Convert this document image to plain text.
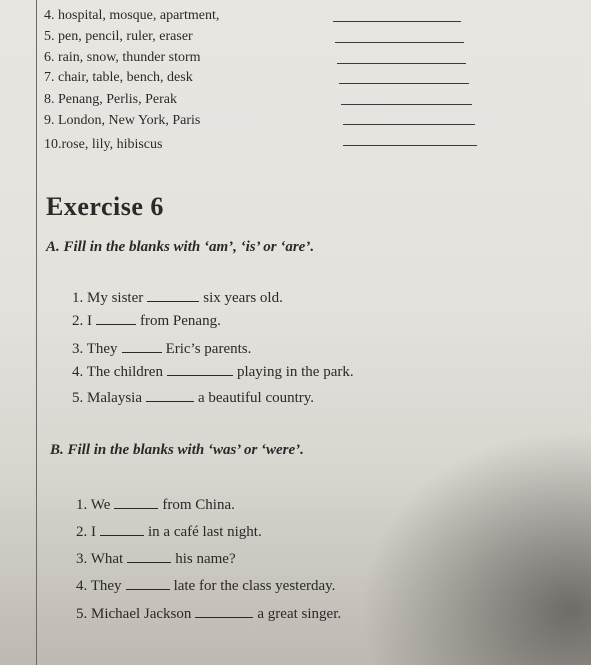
4. hospital, mosque, apartment,
5. pen, pencil, ruler, eraser
6. rain, snow, thunder storm
7. chair, table, bench, desk
8. Penang, Perlis, Perak
9. London, New York, Paris
10.rose, lily, hibiscus
Exercise 6
A. Fill in the blanks with ‘am’, ‘is’ or ‘are’.
1. My sister	six years old.
2. I	from Penang.
3. They	Eric’s parents.
4. The children	playing in the park.
5. Malaysia	a beautiful country.
B. Fill in the blanks with ‘was’ or ‘were’.
1. We	from China.
2. I	in a café last night.
3. What	his name?
4. They	late for the class yesterday.
5. Michael Jackson	a great singer.
